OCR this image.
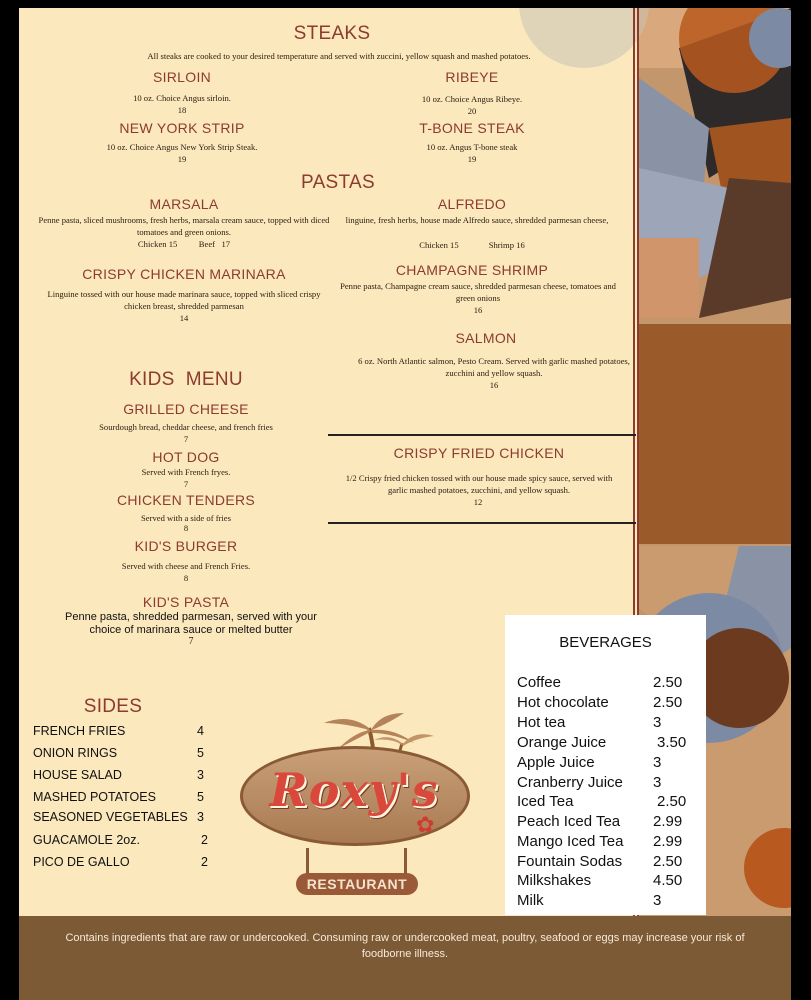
STEAKS
All steaks are cooked to your desired temperature and served with zuccini, yellow squash and mashed potatoes.
SIRLOIN
10 oz. Choice Angus sirloin.
18
RIBEYE
10 oz. Choice Angus Ribeye.
20
NEW YORK STRIP
10 oz. Choice Angus New York Strip Steak.
19
T-BONE STEAK
10 oz. Angus T-bone steak
19
PASTAS
MARSALA
Penne pasta, sliced mushrooms, fresh herbs, marsala cream sauce, topped with diced tomatoes and green onions.
Chicken 15          Beef   17
ALFREDO
linguine, fresh herbs, house made Alfredo sauce, shredded parmesan cheese,
Chicken 15              Shrimp 16
CRISPY CHICKEN MARINARA
Linguine tossed with our house made marinara sauce, topped with sliced crispy chicken breast, shredded parmesan
14
CHAMPAGNE SHRIMP
Penne pasta, Champagne cream sauce, shredded parmesan cheese, tomatoes and green onions
16
SALMON
6 oz. North Atlantic salmon, Pesto Cream. Served with garlic mashed potatoes, zucchini and yellow squash.
16
CRISPY FRIED CHICKEN
1/2 Crispy fried chicken tossed with our house made spicy sauce, served with garlic mashed potatoes, zucchini, and yellow squash.
12
KIDS  MENU
GRILLED CHEESE
Sourdough bread, cheddar cheese, and french fries
7
HOT DOG
Served with French fryes.
7
CHICKEN TENDERS
Served with a side of fries
8
KID'S BURGER
Served with cheese and French Fries.
8
KID'S PASTA
Penne pasta, shredded parmesan, served with your choice of marinara sauce or melted butter
7
SIDES
FRENCH FRIES	4
ONION RINGS	5
HOUSE SALAD	3
MASHED POTATOES	5
SEASONED VEGETABLES 3
GUACAMOLE 2oz.	2
PICO DE GALLO	2
Roxy's
✿
RESTAURANT
BEVERAGES
Coffee	2.50
Hot chocolate	2.50
Hot tea	3
Orange Juice	3.50
Apple Juice	3
Cranberry Juice 3
Iced Tea	2.50
Peach Iced Tea 2.99
Mango Iced Tea 2.99
Fountain Sodas 2.50
Milkshakes	4.50
Milk	3
Contains ingredients that are raw or undercooked. Consuming raw or undercooked meat, poultry, seafood or eggs may increase your risk of foodborne illness.
